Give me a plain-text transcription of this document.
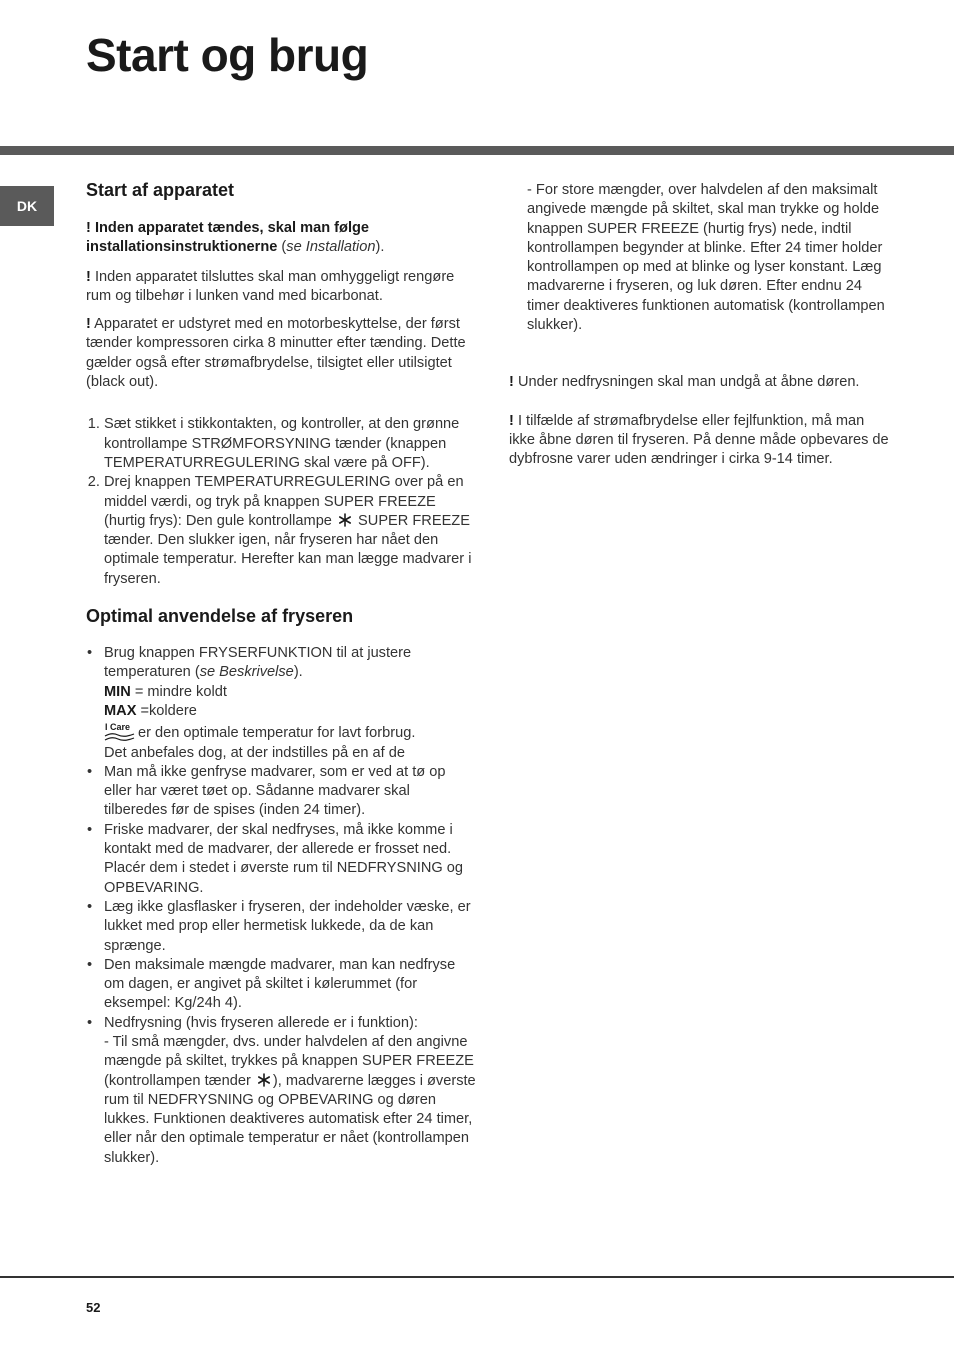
Start og brug
DK
Start af apparatet

! Inden apparatet tændes, skal man følge installationsinstruktionerne (se Installation).

! Inden apparatet tilsluttes skal man omhyggeligt rengøre rum og tilbehør i lunken vand med bicarbonat.

! Apparatet er udstyret med en motorbeskyttelse, der først tænder kompressoren cirka 8 minutter efter tænding. Dette gælder også efter strømafbrydelse, tilsigtet eller utilsigtet (black out).

1. Sæt stikket i stikkontakten, og kontroller, at den grønne kontrollampe STRØMFORSYNING tænder (knappen TEMPERATURREGULERING skal være på OFF).
2. Drej knappen TEMPERATURREGULERING over på en middel værdi, og tryk på knappen SUPER FREEZE (hurtig frys): Den gule kontrollampe SUPER FREEZE tænder. Den slukker igen, når fryseren har nået den optimale temperatur. Herefter kan man lægge madvarer i fryseren.
Optimal anvendelse af fryseren
• Brug knappen FRYSERFUNKTION til at justere temperaturen (se Beskrivelse).
MIN = mindre koldt
MAX =koldere

I Care er den optimale temperatur for lavt forbrug.
Det anbefales dog, at der indstilles på en af de
• Man må ikke genfryse madvarer, som er ved at tø op eller har været tøet op. Sådanne madvarer skal tilberedes før de spises (inden 24 timer).
• Friske madvarer, der skal nedfryses, må ikke komme i kontakt med de madvarer, der allerede er frosset ned. Placér dem i stedet i øverste rum til NEDFRYSNING og OPBEVARING.
• Læg ikke glasflasker i fryseren, der indeholder væske, er lukket med prop eller hermetisk lukkede, da de kan sprænge.
• Den maksimale mængde madvarer, man kan nedfryse om dagen, er angivet på skiltet i kølerummet (for eksempel: Kg/24h 4).
• Nedfrysning (hvis fryseren allerede er i funktion):
- Til små mængder, dvs. under halvdelen af den angivne mængde på skiltet, trykkes på knappen SUPER FREEZE (kontrollampen tænder ), madvarerne lægges i øverste rum til NEDFRYSNING og OPBEVARING og døren lukkes. Funktionen deaktiveres automatisk efter 24 timer, eller når den optimale temperatur er nået (kontrollampen slukker).

- For store mængder, over halvdelen af den maksimalt angivede mængde på skiltet, skal man trykke og holde knappen SUPER FREEZE (hurtig frys) nede, indtil kontrollampen begynder at blinke. Efter 24 timer holder kontrollampen op med at blinke og lyser konstant. Læg madvarerne i fryseren, og luk døren. Efter endnu 24 timer deaktiveres funktionen automatisk (kontrollampen slukker).

! Under nedfrysningen skal man undgå at åbne døren.

! I tilfælde af strømafbrydelse eller fejlfunktion, må man ikke åbne døren til fryseren. På denne måde opbevares de dybfrosne varer uden ændringer i cirka 9-14 timer.

52
